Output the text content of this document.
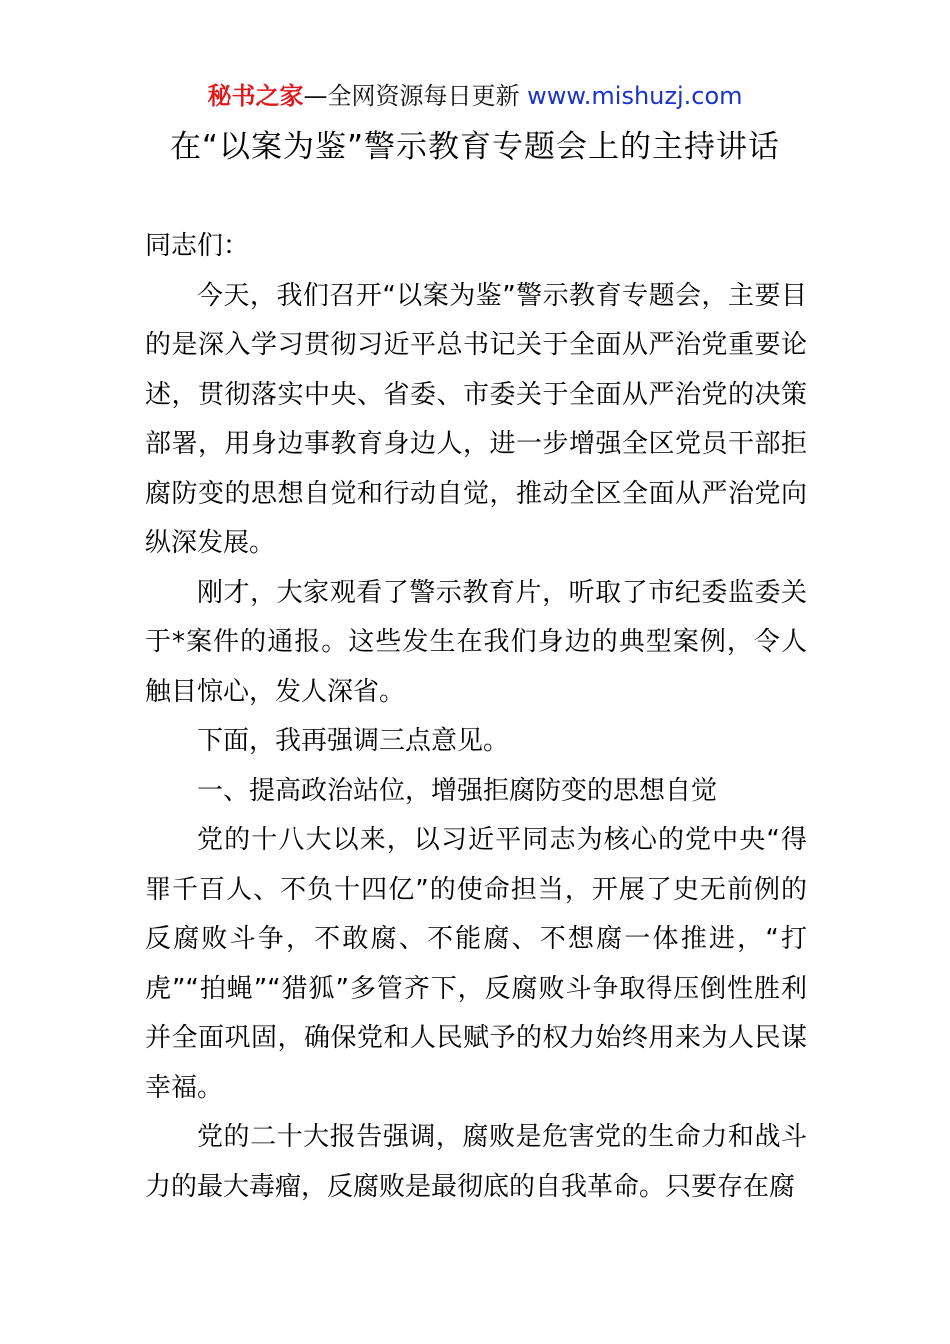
秘书之家—全网资源每日更新 www.mishuzj.com
在“以案为鉴”警示教育专题会上的主持讲话

同志们：

今天，我们召开“以案为鉴”警示教育专题会，主要目的是深入学习贯彻习近平总书记关于全面从严治党重要论述，贯彻落实中央、省委、市委关于全面从严治党的决策部署，用身边事教育身边人，进一步增强全区党员干部拒腐防变的思想自觉和行动自觉，推动全区全面从严治党向纵深发展。

刚才，大家观看了警示教育片，听取了市纪委监委关于*案件的通报。这些发生在我们身边的典型案例，令人触目惊心，发人深省。

下面，我再强调三点意见。

一、提高政治站位，增强拒腐防变的思想自觉

党的十八大以来，以习近平同志为核心的党中央“得罪千百人、不负十四亿”的使命担当，开展了史无前例的反腐败斗争，不敢腐、不能腐、不想腐一体推进，“打虎”“拍蝇”“猎狐”多管齐下，反腐败斗争取得压倒性胜利并全面巩固，确保党和人民赋予的权力始终用来为人民谋幸福。

党的二十大报告强调，腐败是危害党的生命力和战斗力的最大毒瘤，反腐败是最彻底的自我革命。只要存在腐
